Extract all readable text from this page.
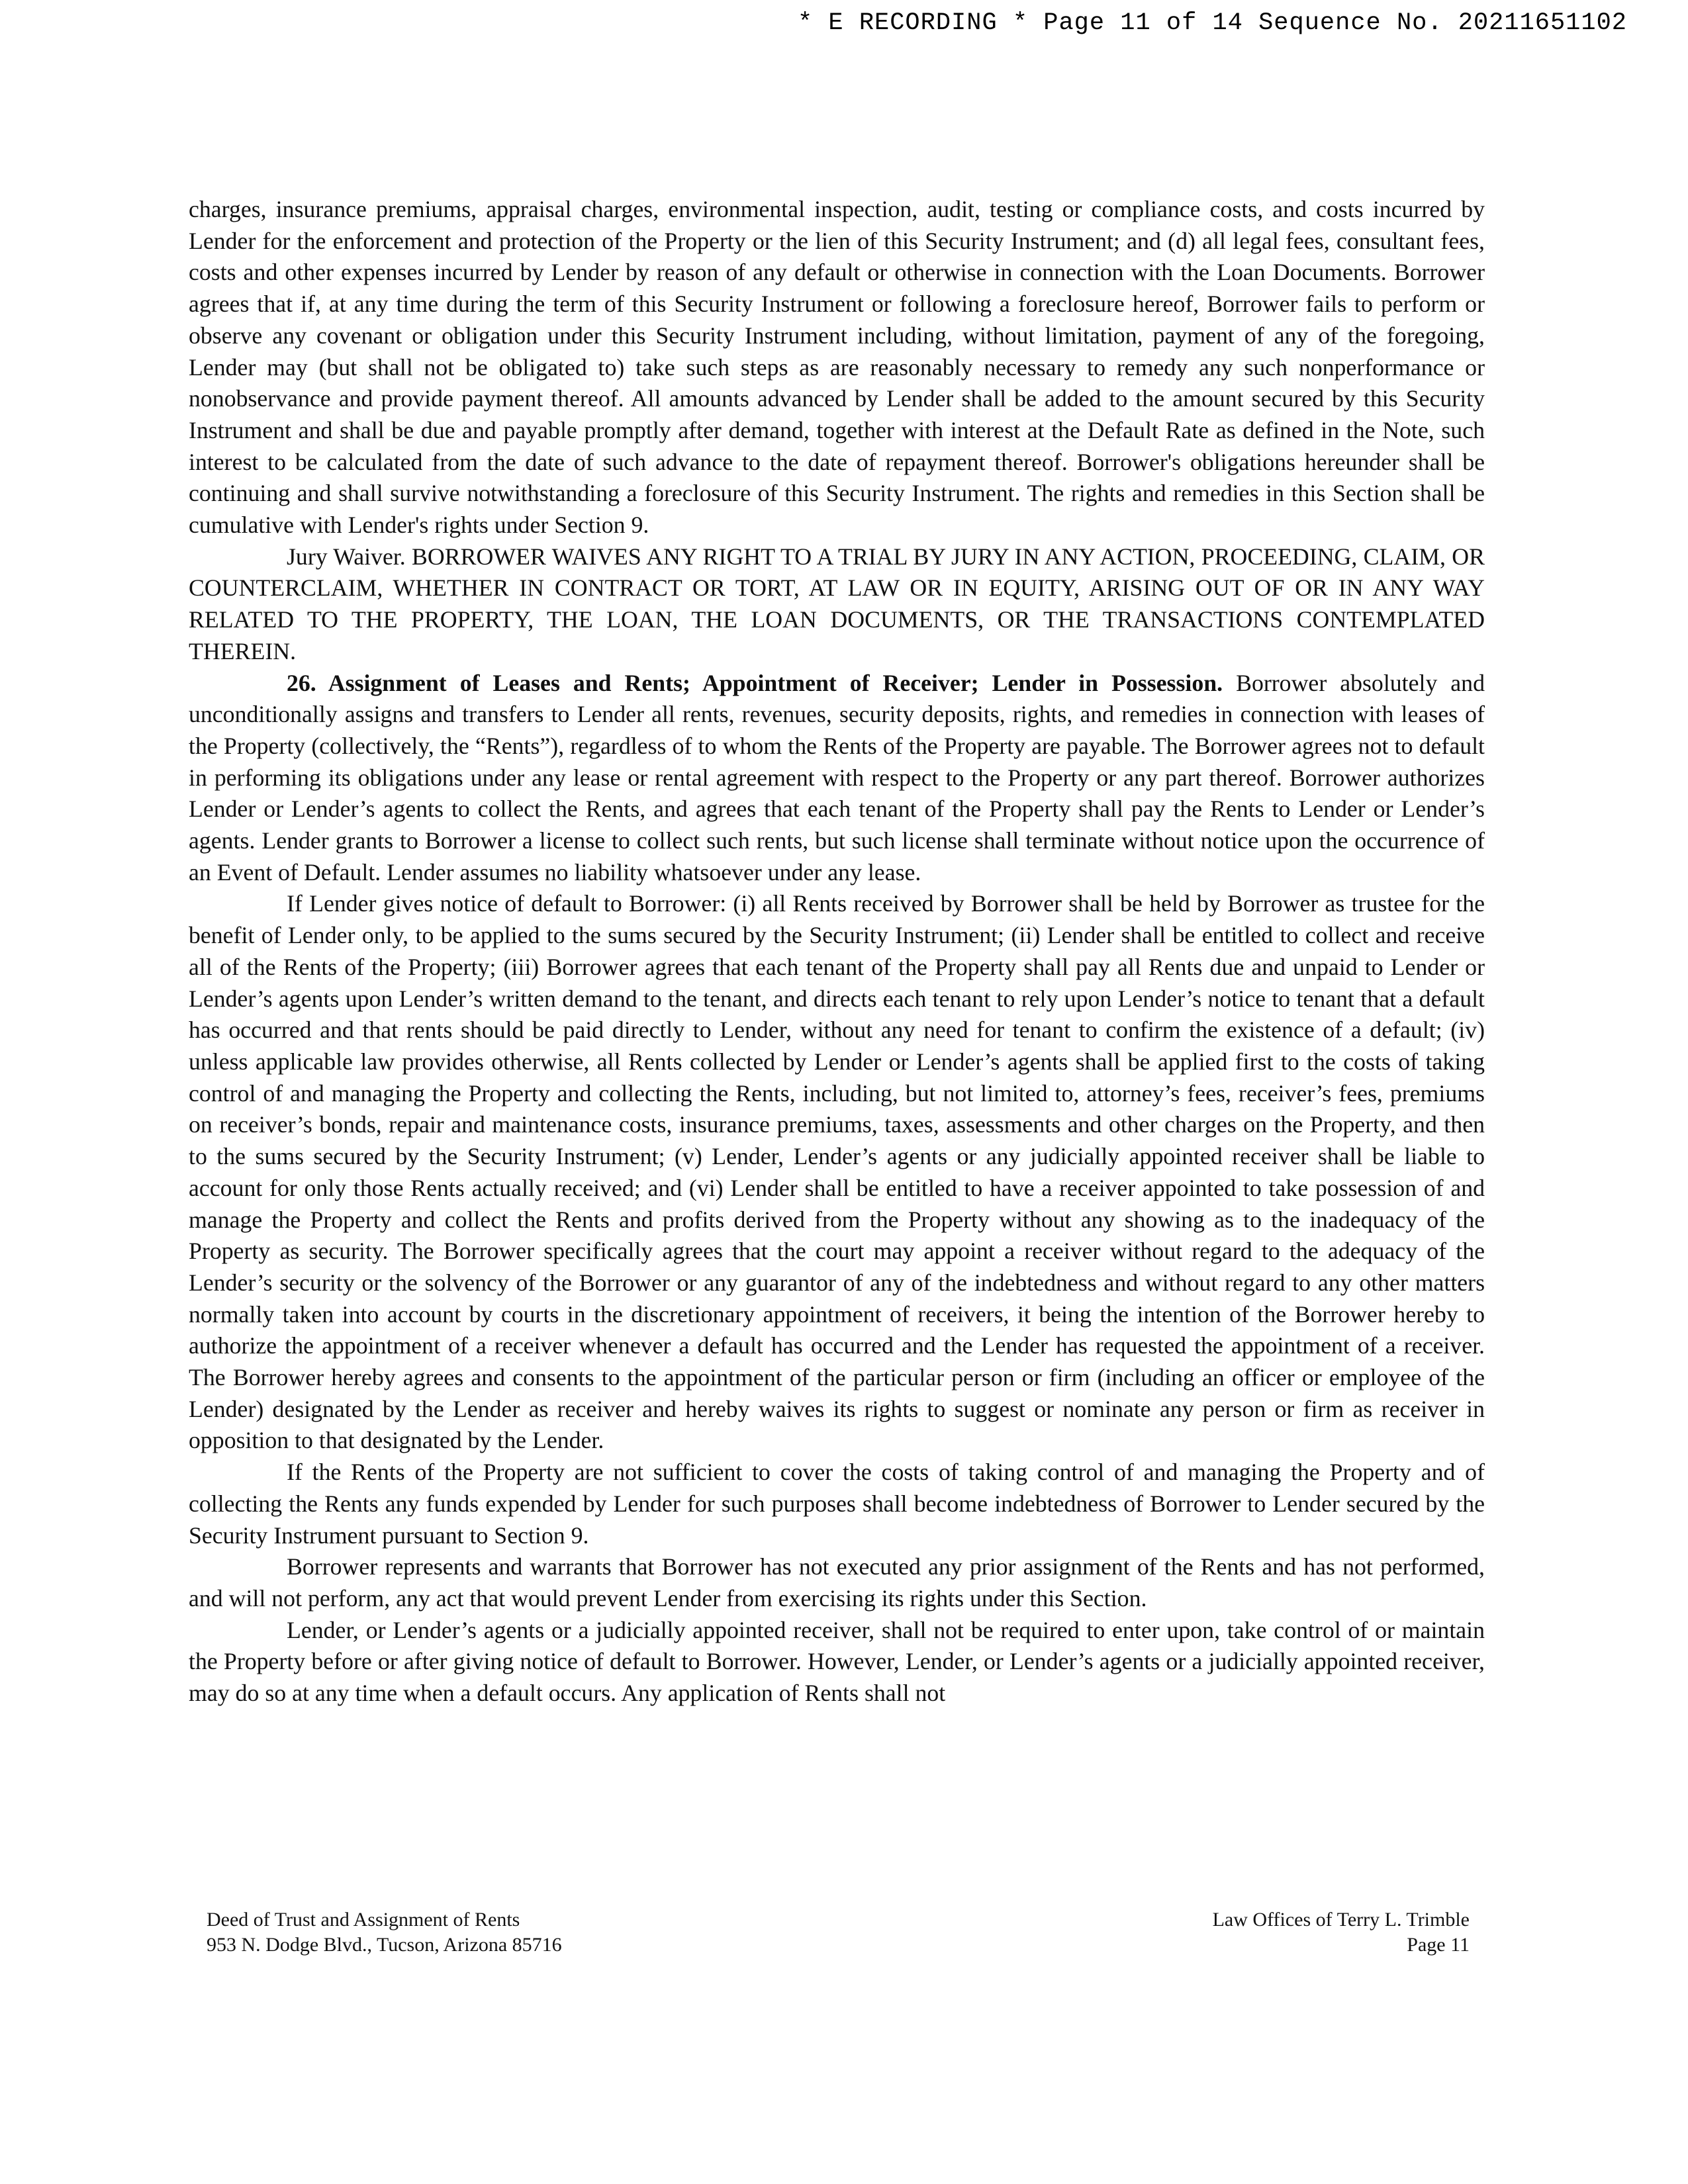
* E RECORDING * Page 11 of 14 Sequence No. 20211651102

charges, insurance premiums, appraisal charges, environmental inspection, audit, testing or compliance costs, and costs incurred by Lender for the enforcement and protection of the Property or the lien of this Security Instrument; and (d) all legal fees, consultant fees, costs and other expenses incurred by Lender by reason of any default or otherwise in connection with the Loan Documents. Borrower agrees that if, at any time during the term of this Security Instrument or following a foreclosure hereof, Borrower fails to perform or observe any covenant or obligation under this Security Instrument including, without limitation, payment of any of the foregoing, Lender may (but shall not be obligated to) take such steps as are reasonably necessary to remedy any such nonperformance or nonobservance and provide payment thereof. All amounts advanced by Lender shall be added to the amount secured by this Security Instrument and shall be due and payable promptly after demand, together with interest at the Default Rate as defined in the Note, such interest to be calculated from the date of such advance to the date of repayment thereof. Borrower's obligations hereunder shall be continuing and shall survive notwithstanding a foreclosure of this Security Instrument. The rights and remedies in this Section shall be cumulative with Lender's rights under Section 9.

Jury Waiver. BORROWER WAIVES ANY RIGHT TO A TRIAL BY JURY IN ANY ACTION, PROCEEDING, CLAIM, OR COUNTERCLAIM, WHETHER IN CONTRACT OR TORT, AT LAW OR IN EQUITY, ARISING OUT OF OR IN ANY WAY RELATED TO THE PROPERTY, THE LOAN, THE LOAN DOCUMENTS, OR THE TRANSACTIONS CONTEMPLATED THEREIN.

26. Assignment of Leases and Rents; Appointment of Receiver; Lender in Possession. Borrower absolutely and unconditionally assigns and transfers to Lender all rents, revenues, security deposits, rights, and remedies in connection with leases of the Property (collectively, the “Rents”), regardless of to whom the Rents of the Property are payable. The Borrower agrees not to default in performing its obligations under any lease or rental agreement with respect to the Property or any part thereof. Borrower authorizes Lender or Lender’s agents to collect the Rents, and agrees that each tenant of the Property shall pay the Rents to Lender or Lender’s agents. Lender grants to Borrower a license to collect such rents, but such license shall terminate without notice upon the occurrence of an Event of Default. Lender assumes no liability whatsoever under any lease.

If Lender gives notice of default to Borrower: (i) all Rents received by Borrower shall be held by Borrower as trustee for the benefit of Lender only, to be applied to the sums secured by the Security Instrument; (ii) Lender shall be entitled to collect and receive all of the Rents of the Property; (iii) Borrower agrees that each tenant of the Property shall pay all Rents due and unpaid to Lender or Lender’s agents upon Lender’s written demand to the tenant, and directs each tenant to rely upon Lender’s notice to tenant that a default has occurred and that rents should be paid directly to Lender, without any need for tenant to confirm the existence of a default; (iv) unless applicable law provides otherwise, all Rents collected by Lender or Lender’s agents shall be applied first to the costs of taking control of and managing the Property and collecting the Rents, including, but not limited to, attorney’s fees, receiver’s fees, premiums on receiver’s bonds, repair and maintenance costs, insurance premiums, taxes, assessments and other charges on the Property, and then to the sums secured by the Security Instrument; (v) Lender, Lender’s agents or any judicially appointed receiver shall be liable to account for only those Rents actually received; and (vi) Lender shall be entitled to have a receiver appointed to take possession of and manage the Property and collect the Rents and profits derived from the Property without any showing as to the inadequacy of the Property as security. The Borrower specifically agrees that the court may appoint a receiver without regard to the adequacy of the Lender’s security or the solvency of the Borrower or any guarantor of any of the indebtedness and without regard to any other matters normally taken into account by courts in the discretionary appointment of receivers, it being the intention of the Borrower hereby to authorize the appointment of a receiver whenever a default has occurred and the Lender has requested the appointment of a receiver. The Borrower hereby agrees and consents to the appointment of the particular person or firm (including an officer or employee of the Lender) designated by the Lender as receiver and hereby waives its rights to suggest or nominate any person or firm as receiver in opposition to that designated by the Lender.

If the Rents of the Property are not sufficient to cover the costs of taking control of and managing the Property and of collecting the Rents any funds expended by Lender for such purposes shall become indebtedness of Borrower to Lender secured by the Security Instrument pursuant to Section 9.

Borrower represents and warrants that Borrower has not executed any prior assignment of the Rents and has not performed, and will not perform, any act that would prevent Lender from exercising its rights under this Section.

Lender, or Lender’s agents or a judicially appointed receiver, shall not be required to enter upon, take control of or maintain the Property before or after giving notice of default to Borrower. However, Lender, or Lender’s agents or a judicially appointed receiver, may do so at any time when a default occurs. Any application of Rents shall not

Deed of Trust and Assignment of Rents
953 N. Dodge Blvd., Tucson, Arizona 85716
Law Offices of Terry L. Trimble
Page 11
